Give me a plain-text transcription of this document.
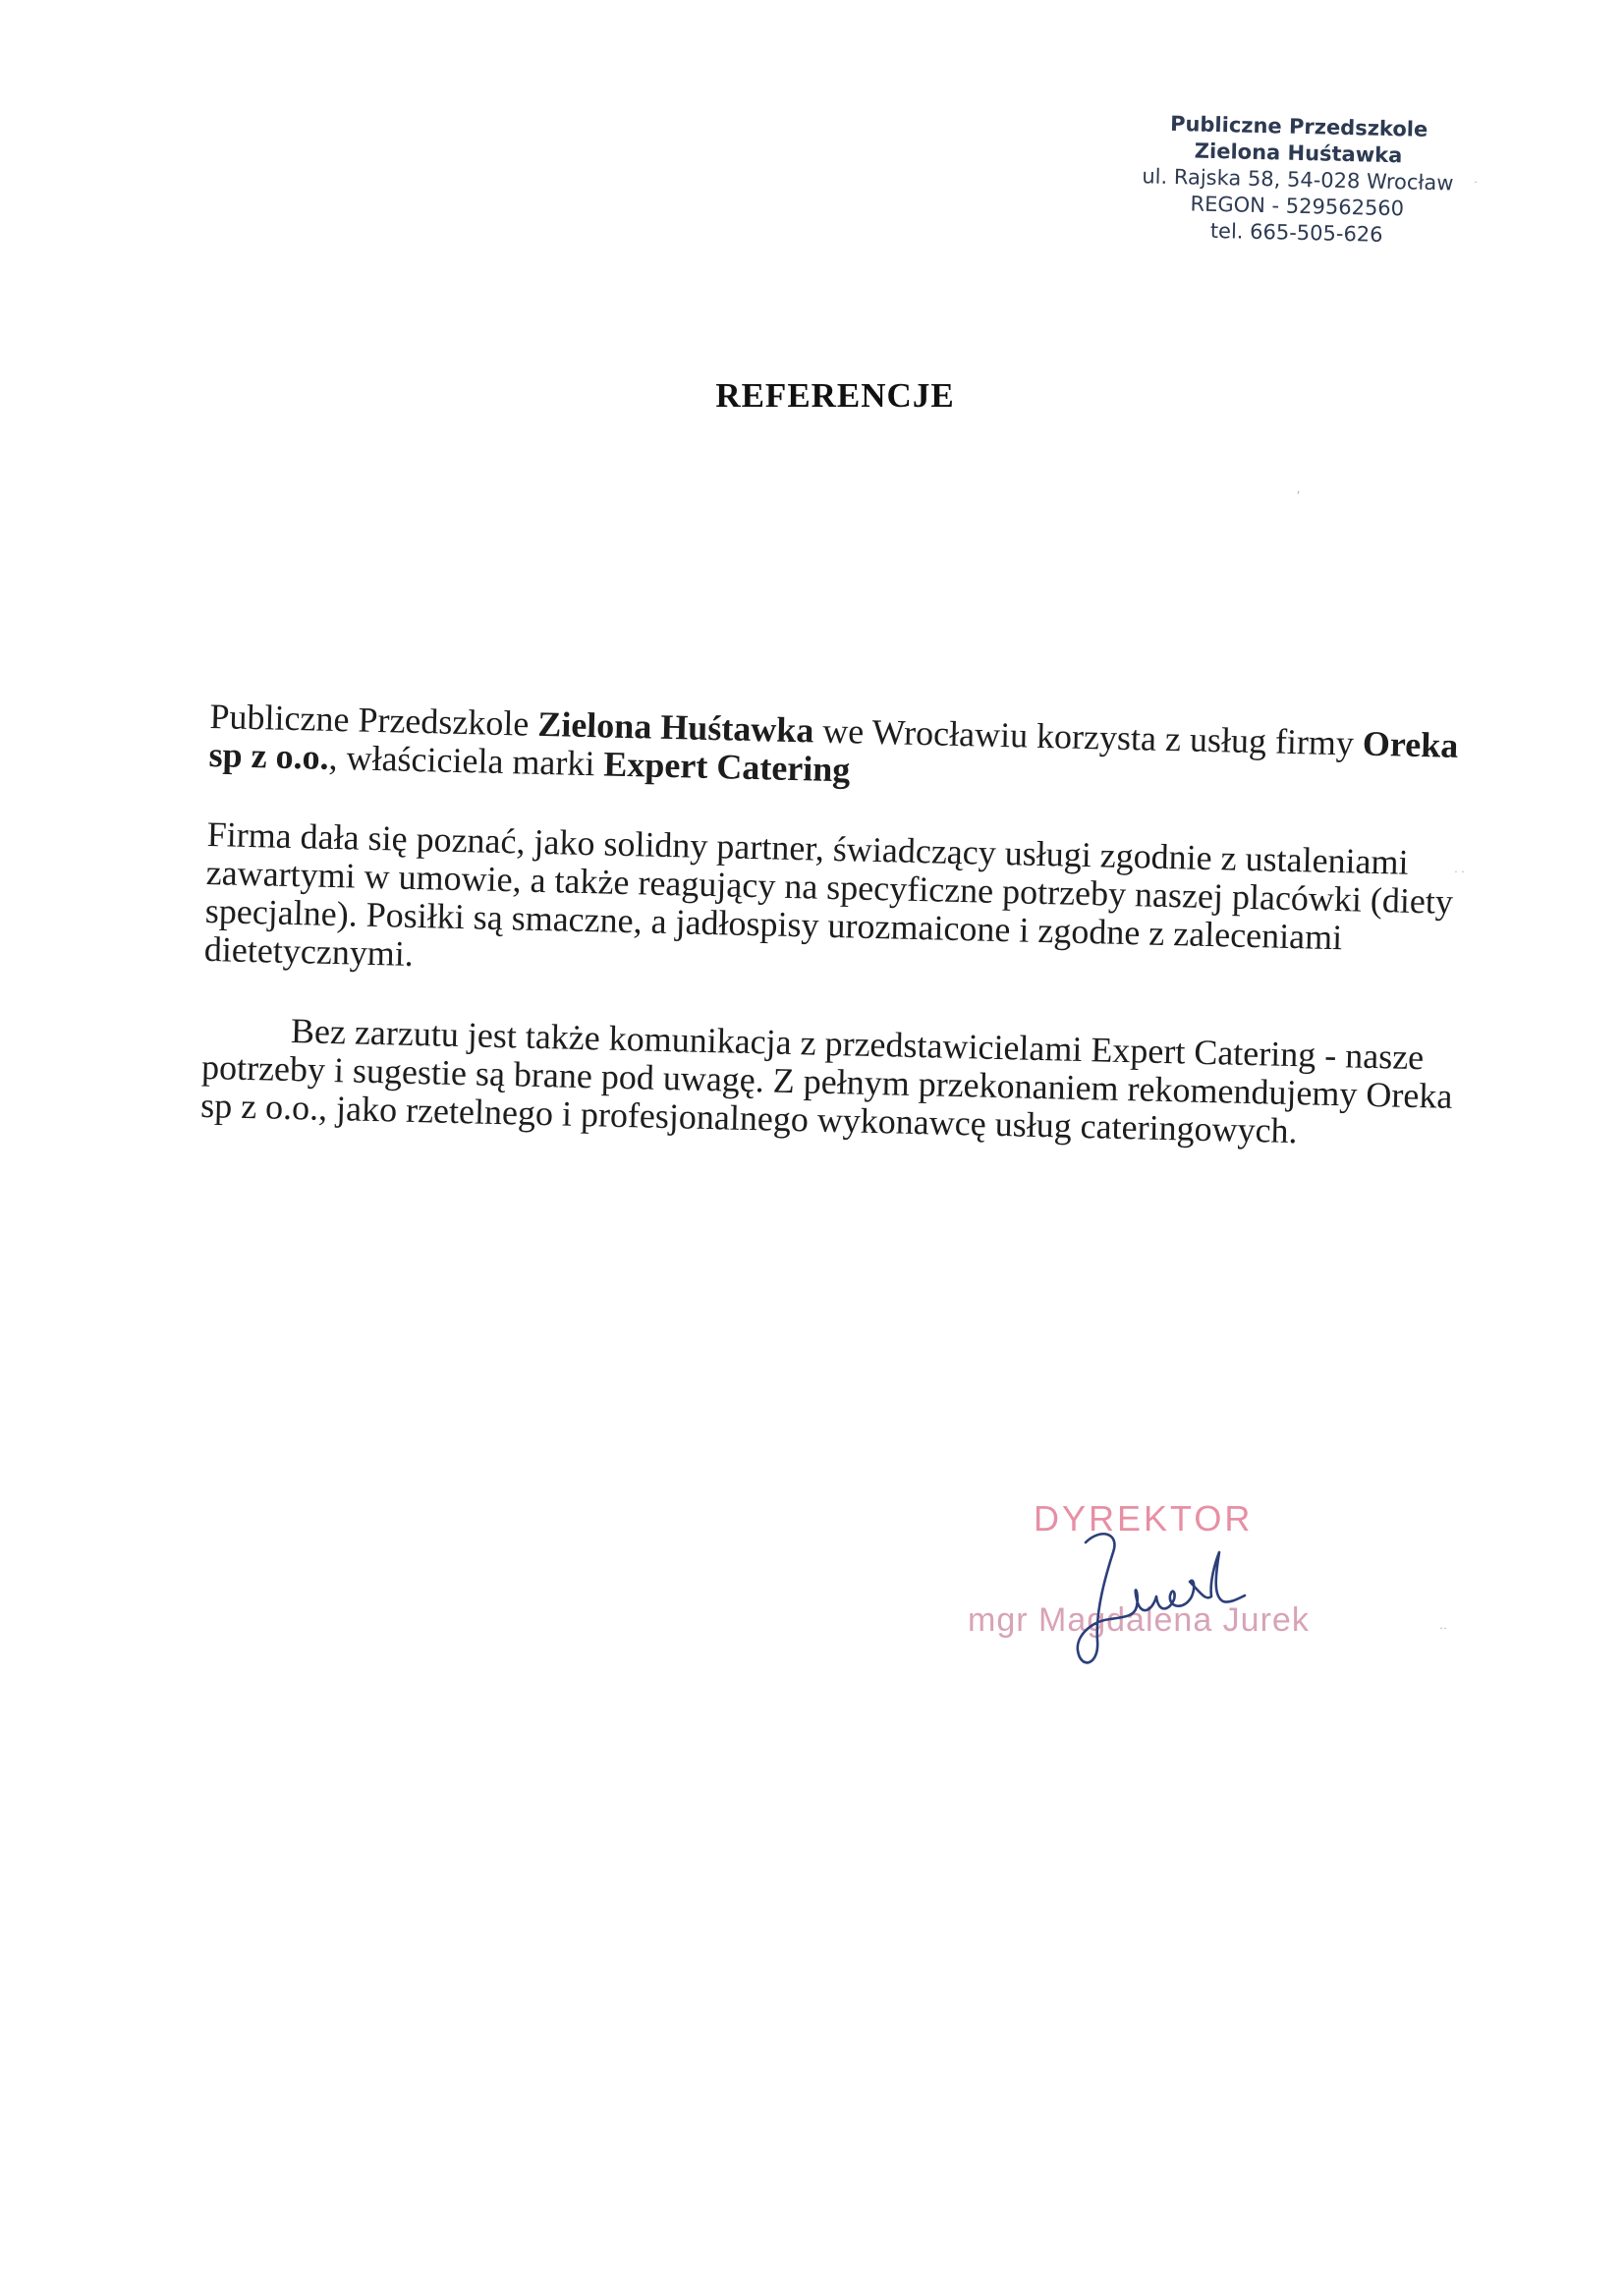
Publiczne Przedszkole
Zielona Huśtawka
ul. Rajska 58, 54-028 Wrocław
REGON - 529562560
tel. 665-505-626
REFERENCJE

Publiczne Przedszkole Zielona Huśtawka we Wrocławiu korzysta z usług firmy Oreka sp z o.o., właściciela marki Expert Catering

Firma dała się poznać, jako solidny partner, świadczący usługi zgodnie z ustaleniami zawartymi w umowie, a także reagujący na specyficzne potrzeby naszej placówki (diety specjalne). Posiłki są smaczne, a jadłospisy urozmaicone i zgodne z zaleceniami dietetycznymi.

Bez zarzutu jest także komunikacja z przedstawicielami Expert Catering - nasze potrzeby i sugestie są brane pod uwagę. Z pełnym przekonaniem rekomendujemy Oreka sp z o.o., jako rzetelnego i profesjonalnego wykonawcę usług cateringowych.

DYREKTOR
mgr Magdalena Jurek
·
,
· ·
··
